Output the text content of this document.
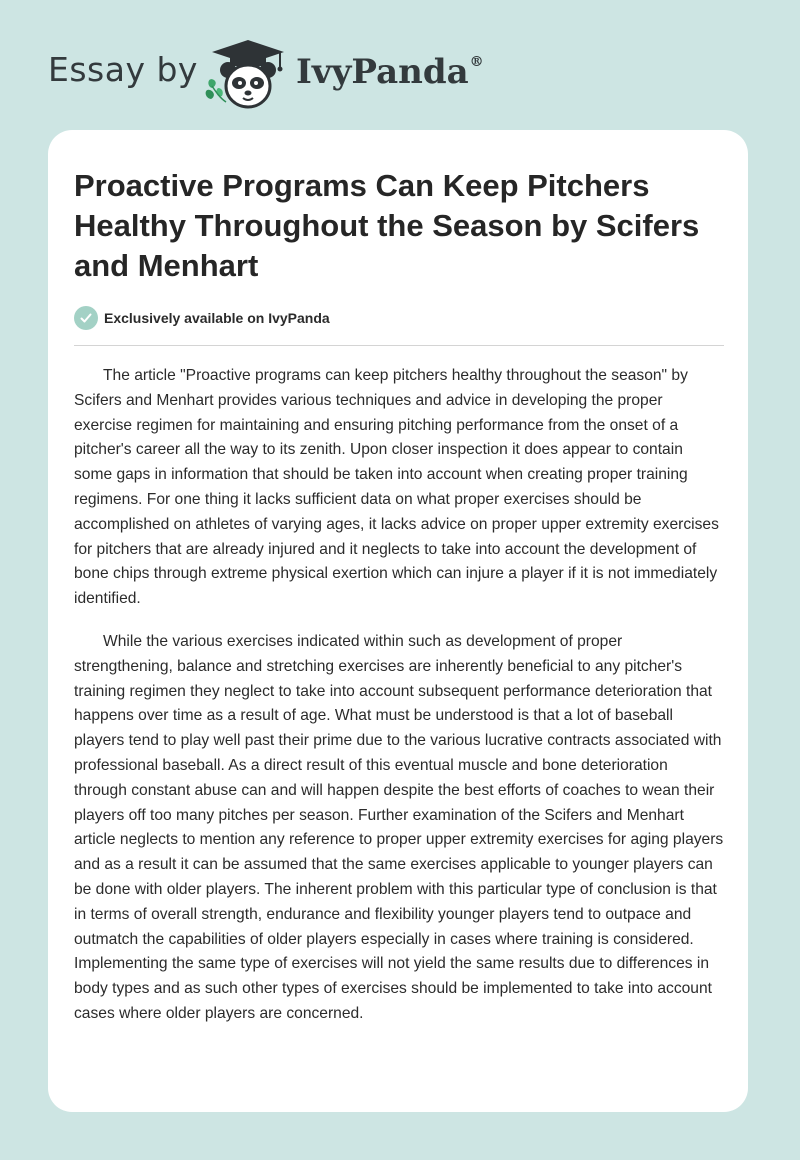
Essay by	IvyPanda®
Proactive Programs Can Keep Pitchers Healthy Throughout the Season by Scifers and Menhart
Exclusively available on IvyPanda

The article "Proactive programs can keep pitchers healthy throughout the season" by Scifers and Menhart provides various techniques and advice in developing the proper exercise regimen for maintaining and ensuring pitching performance from the onset of a pitcher's career all the way to its zenith. Upon closer inspection it does appear to contain some gaps in information that should be taken into account when creating proper training regimens. For one thing it lacks sufficient data on what proper exercises should be accomplished on athletes of varying ages, it lacks advice on proper upper extremity exercises for pitchers that are already injured and it neglects to take into account the development of bone chips through extreme physical exertion which can injure a player if it is not immediately identified.

While the various exercises indicated within such as development of proper strengthening, balance and stretching exercises are inherently beneficial to any pitcher's training regimen they neglect to take into account subsequent performance deterioration that happens over time as a result of age. What must be understood is that a lot of baseball players tend to play well past their prime due to the various lucrative contracts associated with professional baseball. As a direct result of this eventual muscle and bone deterioration through constant abuse can and will happen despite the best efforts of coaches to wean their players off too many pitches per season. Further examination of the Scifers and Menhart article neglects to mention any reference to proper upper extremity exercises for aging players and as a result it can be assumed that the same exercises applicable to younger players can be done with older players. The inherent problem with this particular type of conclusion is that in terms of overall strength, endurance and flexibility younger players tend to outpace and outmatch the capabilities of older players especially in cases where training is considered. Implementing the same type of exercises will not yield the same results due to differences in body types and as such other types of exercises should be implemented to take into account cases where older players are concerned.
